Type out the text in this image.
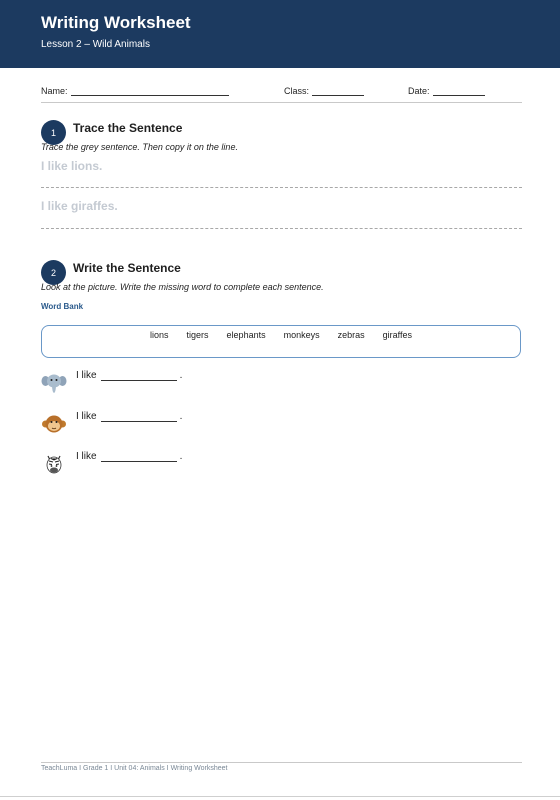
Writing Worksheet
Lesson 2 – Wild Animals
Name:	Class:	Date:
1	Trace the Sentence
Trace the grey sentence. Then copy it on the line.
I like lions.
I like giraffes.
2	Write the Sentence
Look at the picture. Write the missing word to complete each sentence.
Word Bank
lions tigers elephants monkeys zebras giraffes
I like	.
I like	.
I like	.
TeachLuma I Grade 1 I Unit 04: Animals I Writing Worksheet
